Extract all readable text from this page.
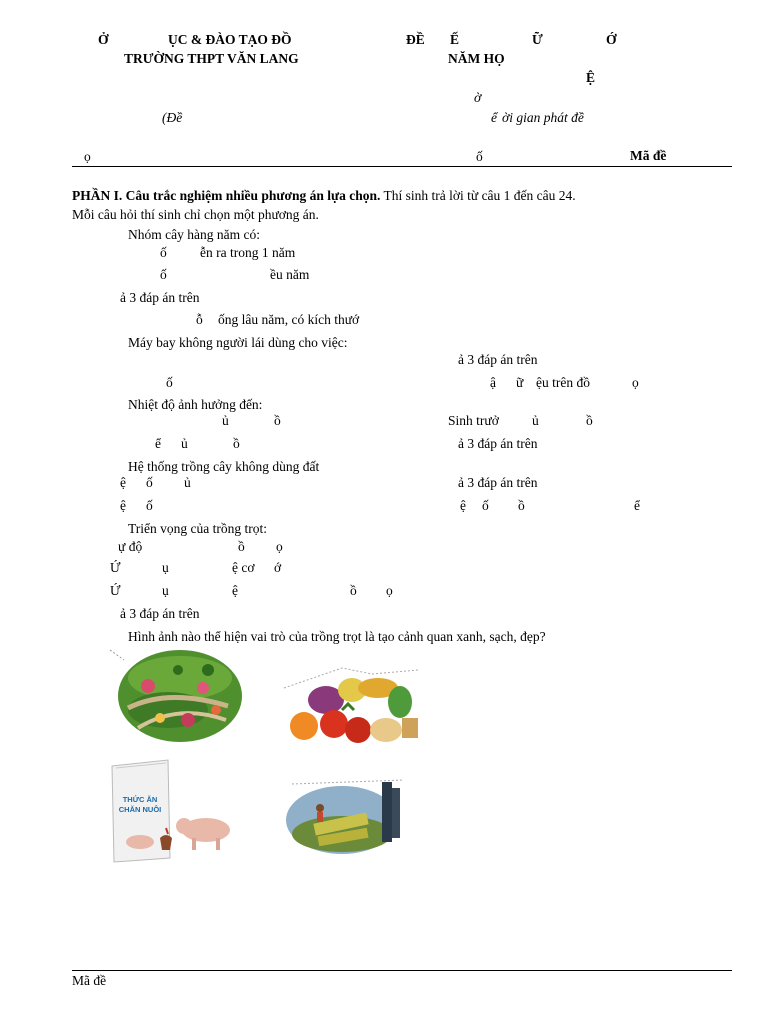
Ở	ỤC & ĐÀO TẠO ĐỒ	ĐỀ Ế	Ữ	Ớ
TRƯỜNG THPT VĂN LANG	NĂM HỌ
Ệ
ờ
(Đề	ể ời gian phát đề
ọ	ố	Mã đề
PHẦN I. Câu trắc nghiệm nhiều phương án lựa chọn. Thí sinh trả lời từ câu 1 đến câu 24.
Mỗi câu hỏi thí sinh chỉ chọn một phương án.
Nhóm cây hàng năm có:
ố ễn ra trong 1 năm
ố	ều năm
ả 3 đáp án trên
ỗ ống lâu năm, có kích thướ
Máy bay không người lái dùng cho việc:
ả 3 đáp án trên
ố	ậ ữ ệu trên đồ	ọ
Nhiệt độ ảnh hưởng đến:
ủ	ồ	Sinh trưở ủ	ồ
ể ủ	ồ	ả 3 đáp án trên
Hệ thống trồng cây không dùng đất
ệ ố ủ	ả 3 đáp án trên
ệ ố	ệ ố ồ	ể
Triển vọng của trồng trọt:
ự độ	ồ ọ
Ứ	ụ	ệ cơ ớ
Ứ	ụ	ệ	ồ ọ
ả 3 đáp án trên
Hình ảnh nào thể hiện vai trò của trồng trọt là tạo cảnh quan xanh, sạch, đẹp?
THỨC ĂN
CHĂN NUÔI
Mã đề
